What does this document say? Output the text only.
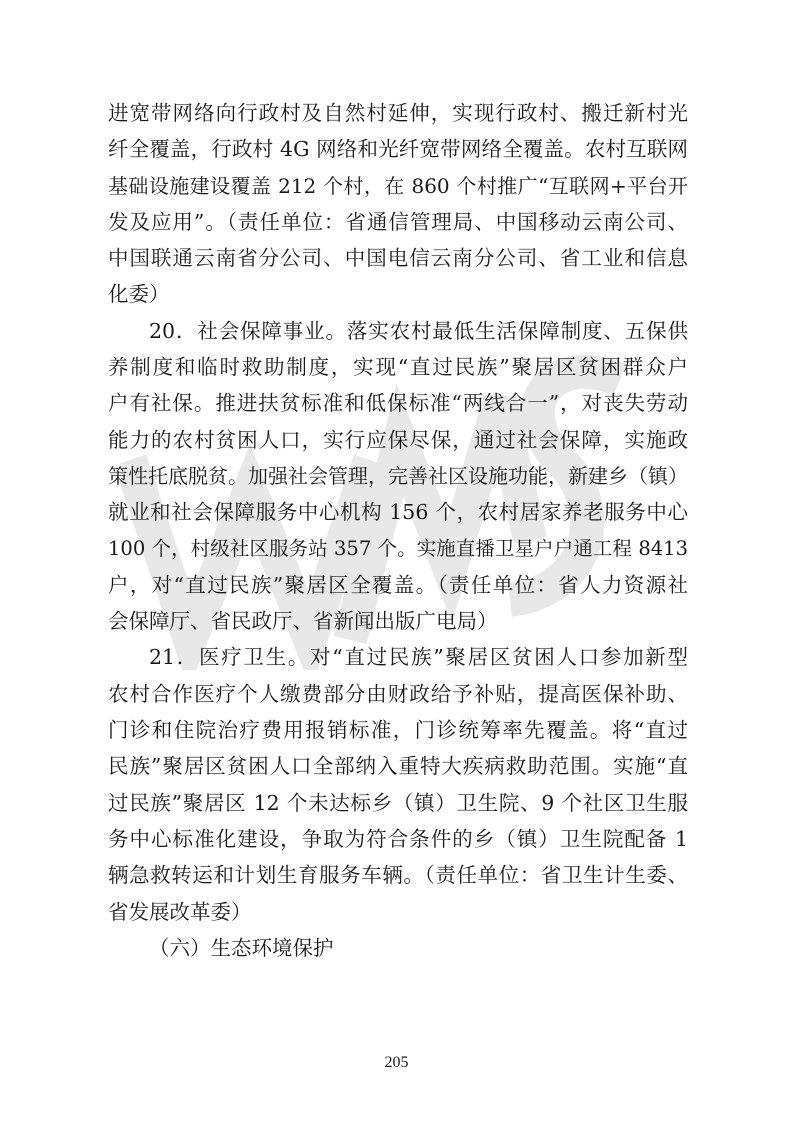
进宽带网络向行政村及自然村延伸，实现行政村、搬迁新村光
纤全覆盖，行政村 4G 网络和光纤宽带网络全覆盖。农村互联网
基础设施建设覆盖 212 个村，在 860 个村推广“互联网+平台开
发及应用”。（责任单位：省通信管理局、中国移动云南公司、
中国联通云南省分公司、中国电信云南分公司、省工业和信息
化委）
20．社会保障事业。落实农村最低生活保障制度、五保供
养制度和临时救助制度，实现“直过民族”聚居区贫困群众户
户有社保。推进扶贫标准和低保标准“两线合一”，对丧失劳动
能力的农村贫困人口，实行应保尽保，通过社会保障，实施政
策性托底脱贫。加强社会管理，完善社区设施功能，新建乡（镇）
就业和社会保障服务中心机构 156 个，农村居家养老服务中心
100 个，村级社区服务站 357 个。实施直播卫星户户通工程 8413
户，对“直过民族”聚居区全覆盖。（责任单位：省人力资源社
会保障厅、省民政厅、省新闻出版广电局）
21．医疗卫生。对“直过民族”聚居区贫困人口参加新型
农村合作医疗个人缴费部分由财政给予补贴，提高医保补助、
门诊和住院治疗费用报销标准，门诊统筹率先覆盖。将“直过
民族”聚居区贫困人口全部纳入重特大疾病救助范围。实施“直
过民族”聚居区 12 个未达标乡（镇）卫生院、9 个社区卫生服
务中心标准化建设，争取为符合条件的乡（镇）卫生院配备 1
辆急救转运和计划生育服务车辆。（责任单位：省卫生计生委、
省发展改革委）
（六）生态环境保护
205
